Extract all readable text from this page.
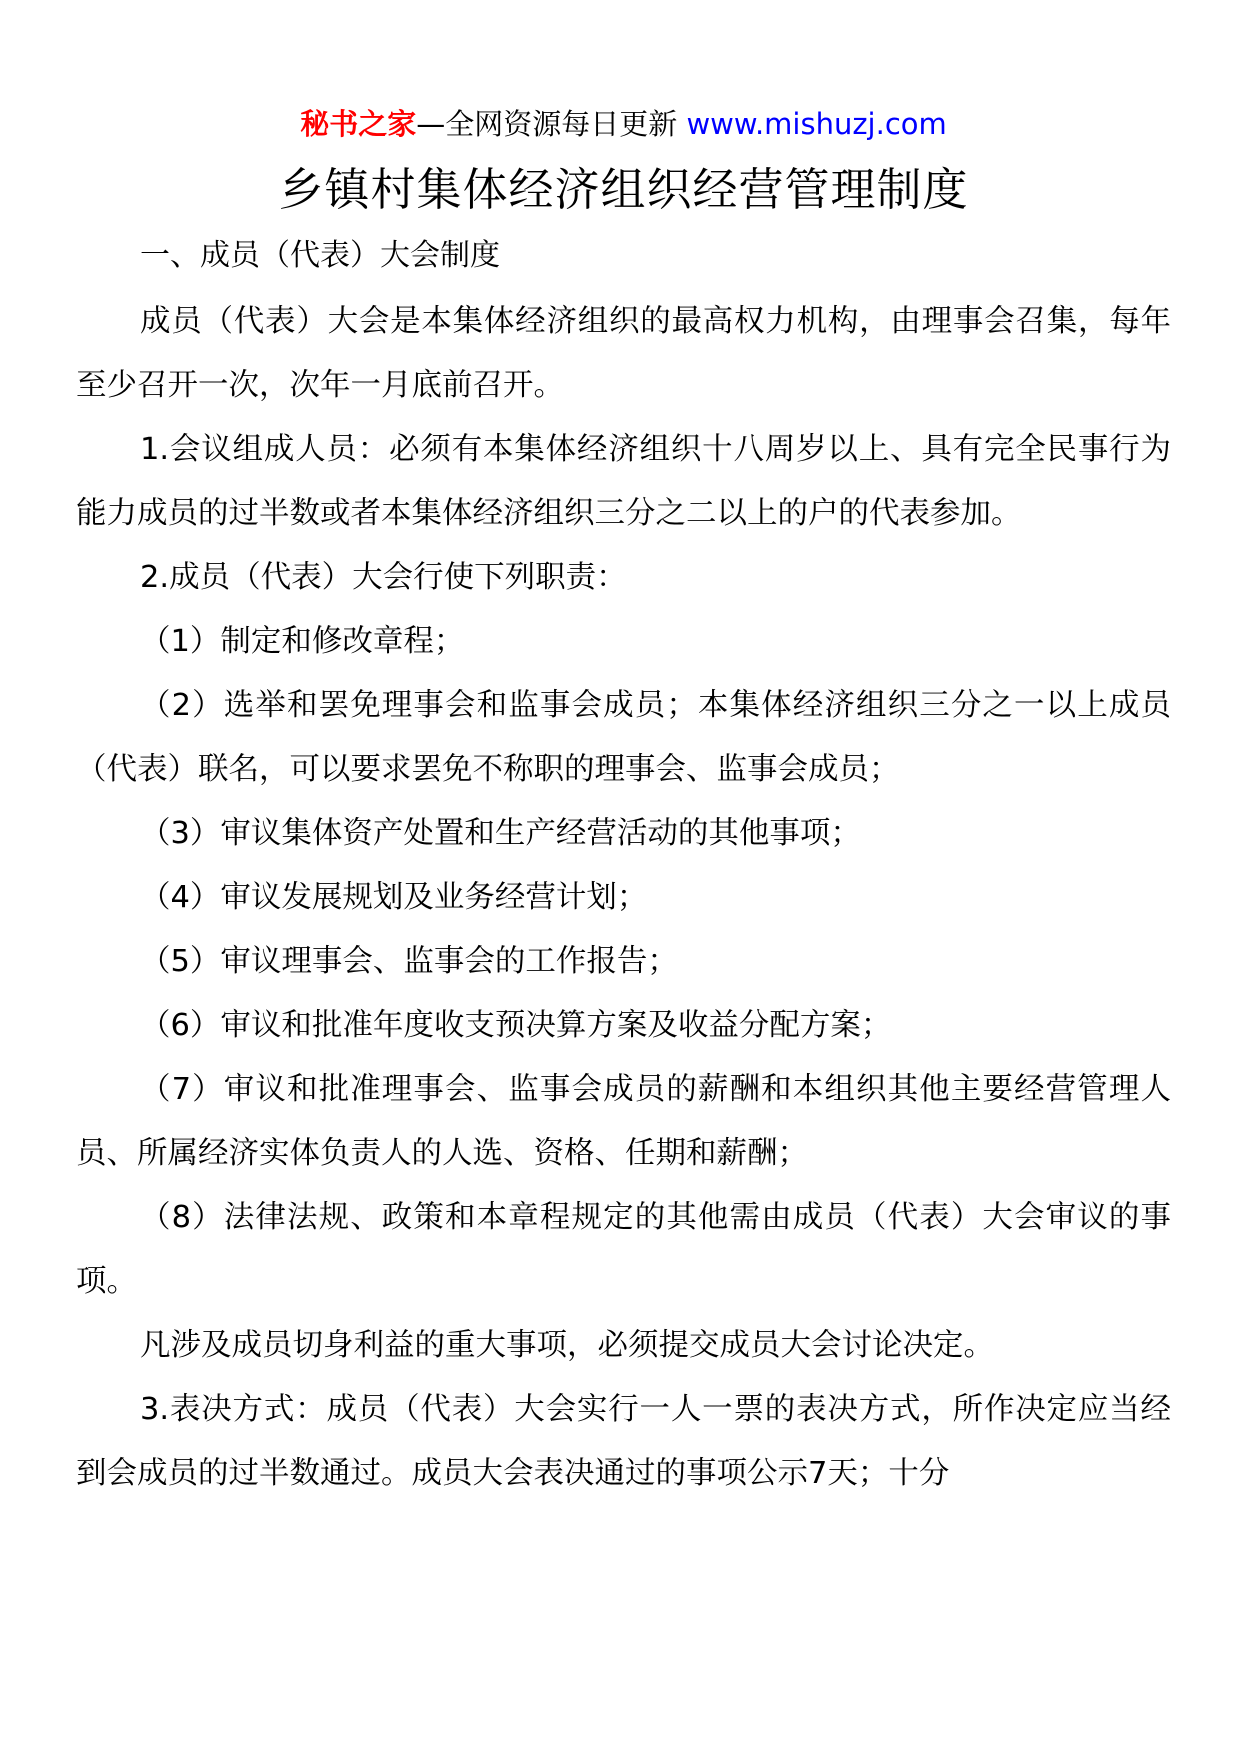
秘书之家—全网资源每日更新 www.mishuzj.com
乡镇村集体经济组织经营管理制度

一、成员（代表）大会制度

成员（代表）大会是本集体经济组织的最高权力机构，由理事会召集，每年至少召开一次，次年一月底前召开。

1.会议组成人员：必须有本集体经济组织十八周岁以上、具有完全民事行为能力成员的过半数或者本集体经济组织三分之二以上的户的代表参加。

2.成员（代表）大会行使下列职责：

（1）制定和修改章程；

（2）选举和罢免理事会和监事会成员；本集体经济组织三分之一以上成员（代表）联名，可以要求罢免不称职的理事会、监事会成员；

（3）审议集体资产处置和生产经营活动的其他事项；

（4）审议发展规划及业务经营计划；

（5）审议理事会、监事会的工作报告；

（6）审议和批准年度收支预决算方案及收益分配方案；

（7）审议和批准理事会、监事会成员的薪酬和本组织其他主要经营管理人员、所属经济实体负责人的人选、资格、任期和薪酬；

（8）法律法规、政策和本章程规定的其他需由成员（代表）大会审议的事项。

凡涉及成员切身利益的重大事项，必须提交成员大会讨论决定。

3.表决方式：成员（代表）大会实行一人一票的表决方式，所作决定应当经到会成员的过半数通过。成员大会表决通过的事项公示7天；十分
